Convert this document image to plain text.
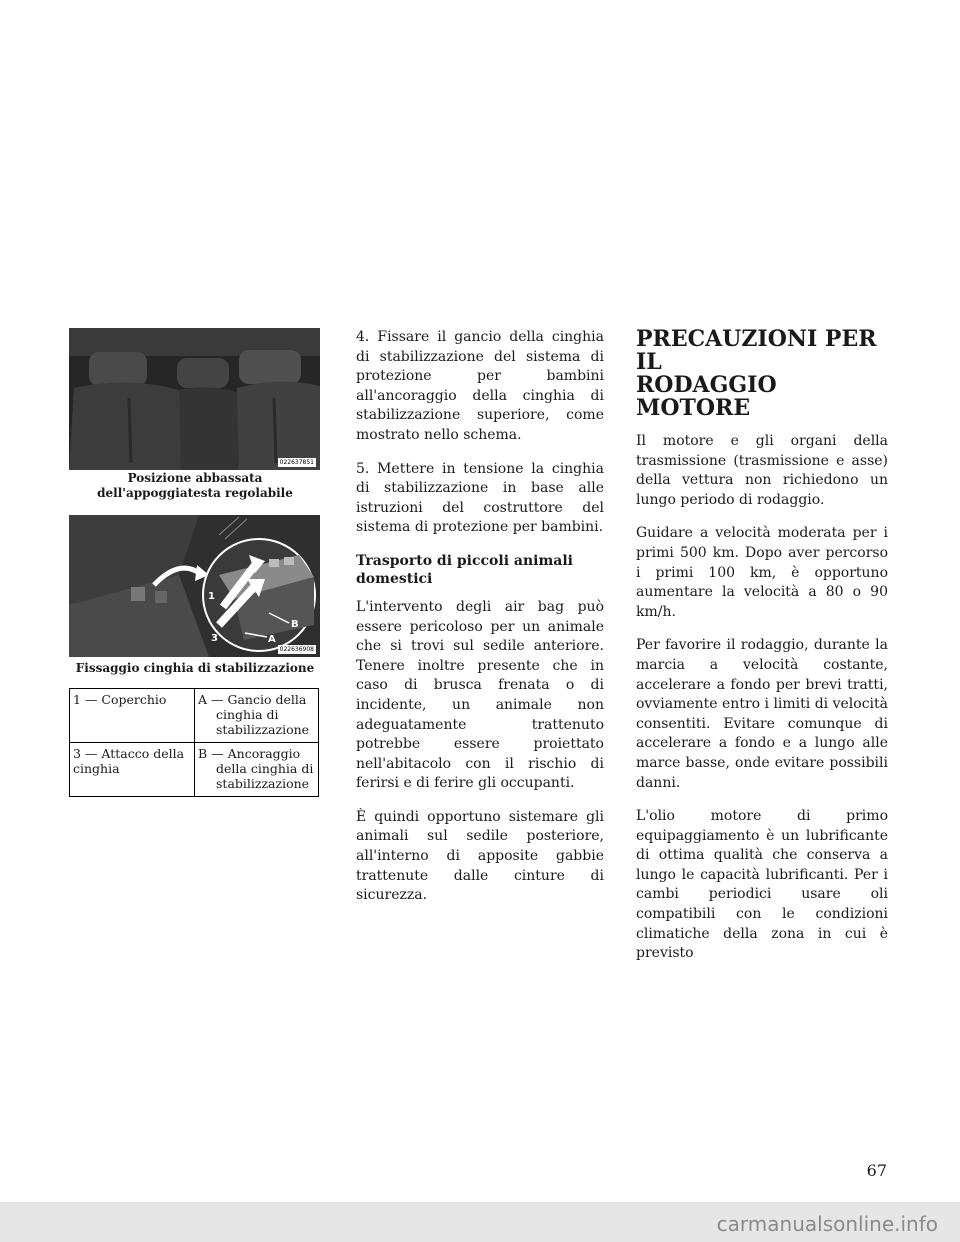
022637851
Posizione abbassata
dell'appoggiatesta regolabile
1
3	A
B
022636908
Fissaggio cinghia di stabilizzazione
1 — Coperchio	A — Gancio della cinghia di stabilizzazione

3 — Attacco della cinghia	B — Ancoraggio della cinghia di stabilizzazione

4. Fissare il gancio della cinghia di stabilizzazione del sistema di protezione per bambini all'ancoraggio della cinghia di stabilizzazione superiore, come mostrato nello schema.

5. Mettere in tensione la cinghia di stabilizzazione in base alle istruzioni del costruttore del sistema di protezione per bambini.

Trasporto di piccoli animali domestici

L'intervento degli air bag può essere pericoloso per un animale che si trovi sul sedile anteriore. Tenere inoltre presente che in caso di brusca frenata o di incidente, un animale non adeguatamente trattenuto potrebbe essere proiettato nell'abitacolo con il rischio di ferirsi e di ferire gli occupanti.

È quindi opportuno sistemare gli animali sul sedile posteriore, all'interno di apposite gabbie trattenute dalle cinture di sicurezza.

PRECAUZIONI PER IL
RODAGGIO MOTORE

Il motore e gli organi della trasmissione (trasmissione e asse) della vettura non richiedono un lungo periodo di rodaggio.

Guidare a velocità moderata per i primi 500 km. Dopo aver percorso i primi 100 km, è opportuno aumentare la velocità a 80 o 90 km/h.

Per favorire il rodaggio, durante la marcia a velocità costante, accelerare a fondo per brevi tratti, ovviamente entro i limiti di velocità consentiti. Evitare comunque di accelerare a fondo e a lungo alle marce basse, onde evitare possibili danni.

L'olio motore di primo equipaggiamento è un lubrificante di ottima qualità che conserva a lungo le capacità lubrificanti. Per i cambi periodici usare oli compatibili con le condizioni climatiche della zona in cui è previsto

67
carmanualsonline.info
